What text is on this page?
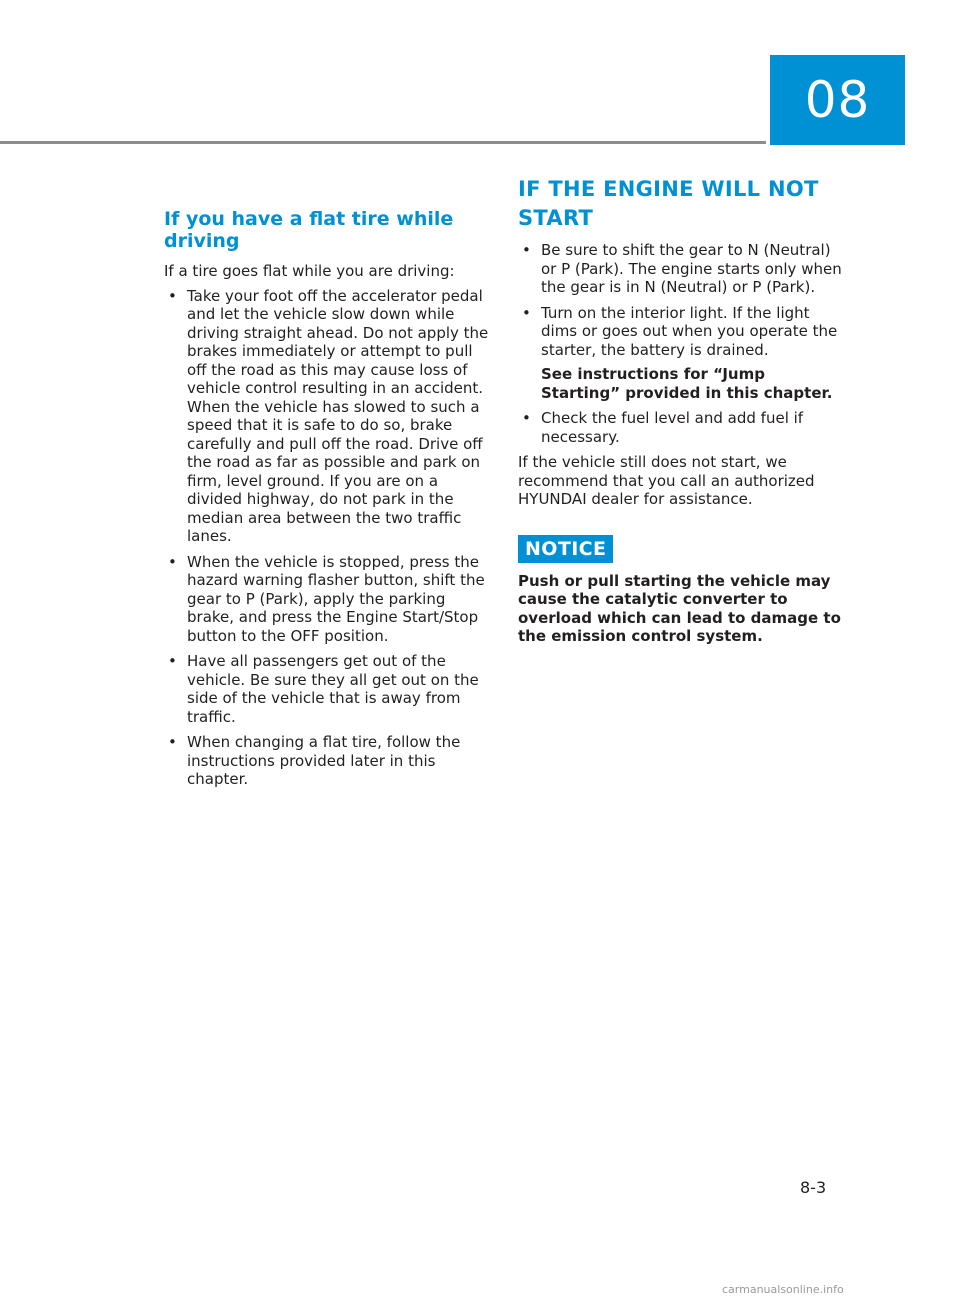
08
If you have a flat tire while driving

If a tire goes flat while you are driving:

• Take your foot off the accelerator pedal and let the vehicle slow down while driving straight ahead. Do not apply the brakes immediately or attempt to pull off the road as this may cause loss of vehicle control resulting in an accident. When the vehicle has slowed to such a speed that it is safe to do so, brake carefully and pull off the road. Drive off the road as far as possible and park on firm, level ground. If you are on a divided highway, do not park in the median area between the two traffic lanes.
• When the vehicle is stopped, press the hazard warning flasher button, shift the gear to P (Park), apply the parking brake, and press the Engine Start/Stop button to the OFF position.
• Have all passengers get out of the vehicle. Be sure they all get out on the side of the vehicle that is away from traffic.
• When changing a flat tire, follow the instructions provided later in this chapter.
IF THE ENGINE WILL NOT START
• Be sure to shift the gear to N (Neutral) or P (Park). The engine starts only when the gear is in N (Neutral) or P (Park).
• Turn on the interior light. If the light dims or goes out when you operate the starter, the battery is drained.
See instructions for “Jump Starting” provided in this chapter.
• Check the fuel level and add fuel if necessary.

If the vehicle still does not start, we recommend that you call an authorized HYUNDAI dealer for assistance.

NOTICE

Push or pull starting the vehicle may cause the catalytic converter to overload which can lead to damage to the emission control system.

8-3
carmanualsonline.info
